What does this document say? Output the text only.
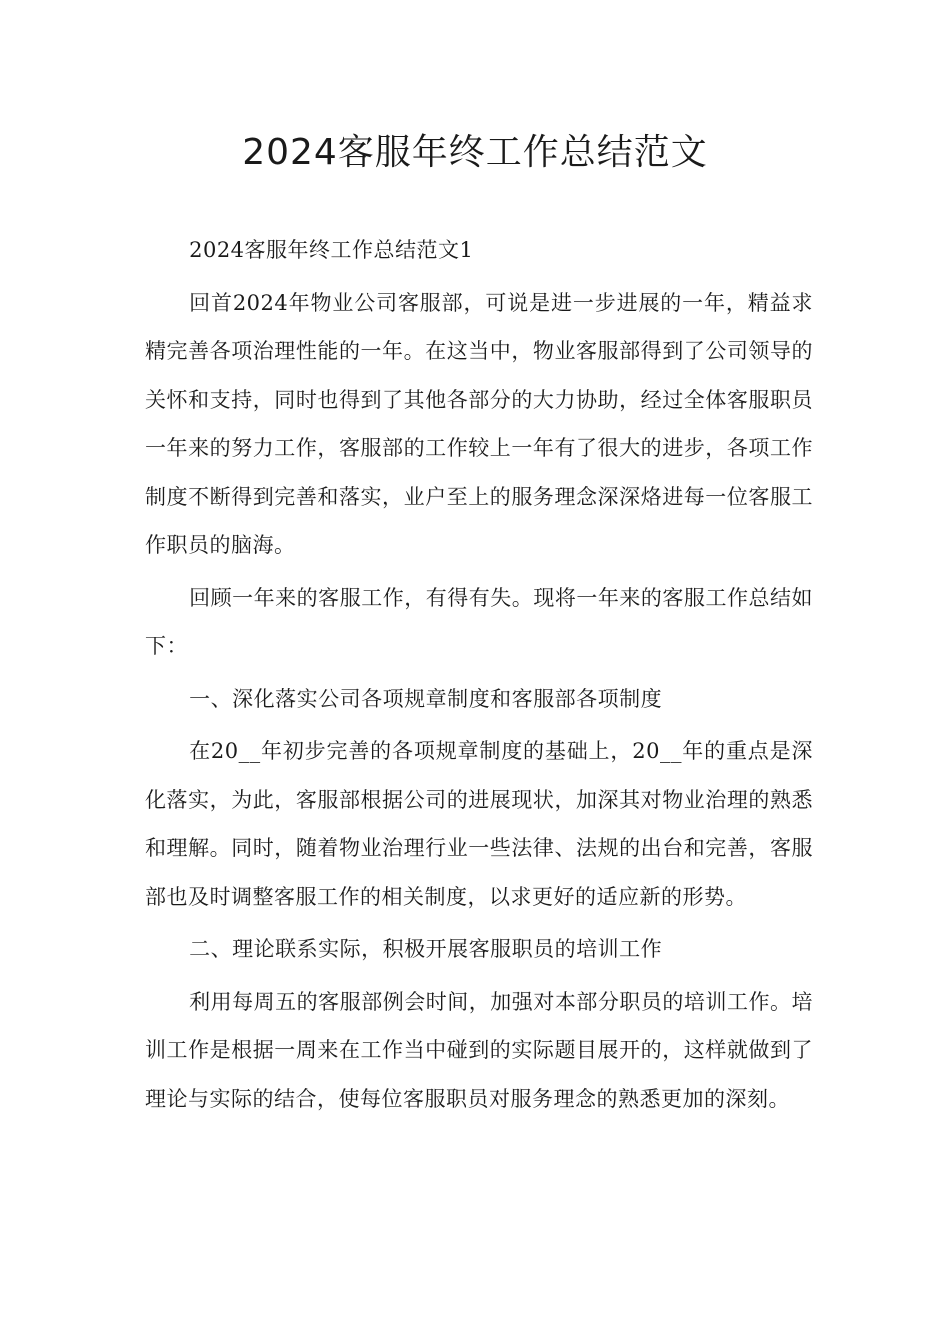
2024客服年终工作总结范文

2024客服年终工作总结范文1

回首2024年物业公司客服部，可说是进一步进展的一年，精益求精完善各项治理性能的一年。在这当中，物业客服部得到了公司领导的关怀和支持，同时也得到了其他各部分的大力协助，经过全体客服职员一年来的努力工作，客服部的工作较上一年有了很大的进步，各项工作制度不断得到完善和落实，业户至上的服务理念深深烙进每一位客服工作职员的脑海。

回顾一年来的客服工作，有得有失。现将一年来的客服工作总结如下：

一、深化落实公司各项规章制度和客服部各项制度

在20__年初步完善的各项规章制度的基础上，20__年的重点是深化落实，为此，客服部根据公司的进展现状，加深其对物业治理的熟悉和理解。同时，随着物业治理行业一些法律、法规的出台和完善，客服部也及时调整客服工作的相关制度，以求更好的适应新的形势。

二、理论联系实际，积极开展客服职员的培训工作

利用每周五的客服部例会时间，加强对本部分职员的培训工作。培训工作是根据一周来在工作当中碰到的实际题目展开的，这样就做到了理论与实际的结合，使每位客服职员对服务理念的熟悉更加的深刻。
